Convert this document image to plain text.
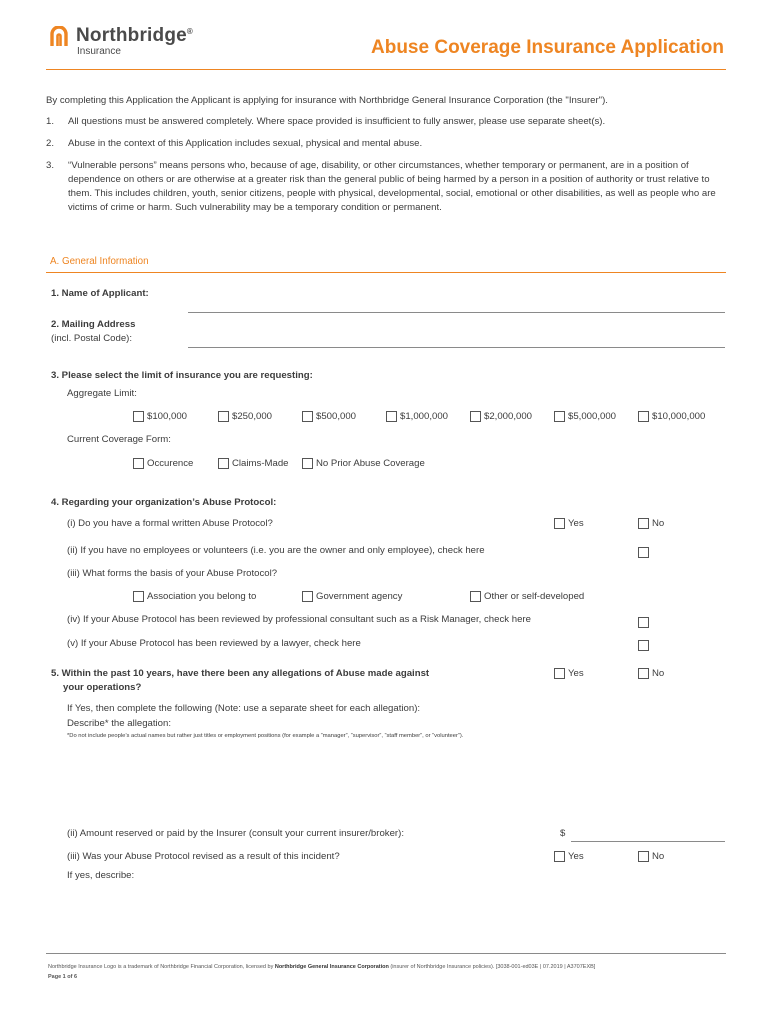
Northbridge®
Insurance	Abuse Coverage Insurance Application
By completing this Application the Applicant is applying for insurance with Northbridge General Insurance Corporation (the "Insurer").
1. All questions must be answered completely. Where space provided is insufficient to fully answer, please use separate sheet(s).
2. Abuse in the context of this Application includes sexual, physical and mental abuse.
3. “Vulnerable persons” means persons who, because of age, disability, or other circumstances, whether temporary or permanent, are in a position of dependence on others or are otherwise at a greater risk than the general public of being harmed by a person in a position of authority or trust relative to them. This includes children, youth, senior citizens, people with physical, developmental, social, emotional or other disabilities, as well as people who are victims of crime or harm. Such vulnerability may be a temporary condition or permanent.
A. General Information
1. Name of Applicant:
2. Mailing Address
(incl. Postal Code):
3. Please select the limit of insurance you are requesting:
Aggregate Limit:
$100,000	$250,000	$500,000	$1,000,000	$2,000,000	$5,000,000	$10,000,000
Current Coverage Form:
Occurence	Claims-Made	No Prior Abuse Coverage
4. Regarding your organization’s Abuse Protocol:
(i) Do you have a formal written Abuse Protocol?	Yes	No
(ii) If you have no employees or volunteers (i.e. you are the owner and only employee), check here
(iii) What forms the basis of your Abuse Protocol?
Association you belong to	Government agency	Other or self-developed
(iv) If your Abuse Protocol has been reviewed by professional consultant such as a Risk Manager, check here
(v) If your Abuse Protocol has been reviewed by a lawyer, check here
5. Within the past 10 years, have there been any allegations of Abuse made against
your operations?
Yes	No
If Yes, then complete the following (Note: use a separate sheet for each allegation):
Describe* the allegation:
*Do not include people’s actual names but rather just titles or employment positions (for example a “manager”, “supervisor”, “staff member”, or “volunteer”).
(ii) Amount reserved or paid by the Insurer (consult your current insurer/broker):	$
(iii) Was your Abuse Protocol revised as a result of this incident?	Yes	No
If yes, describe:
Northbridge Insurance Logo is a trademark of Northbridge Financial Corporation, licensed by Northbridge General Insurance Corporation (insurer of Northbridge Insurance policies). [3038-001-ed03E | 07.2019 | A3707EXB]
Page 1 of 6
